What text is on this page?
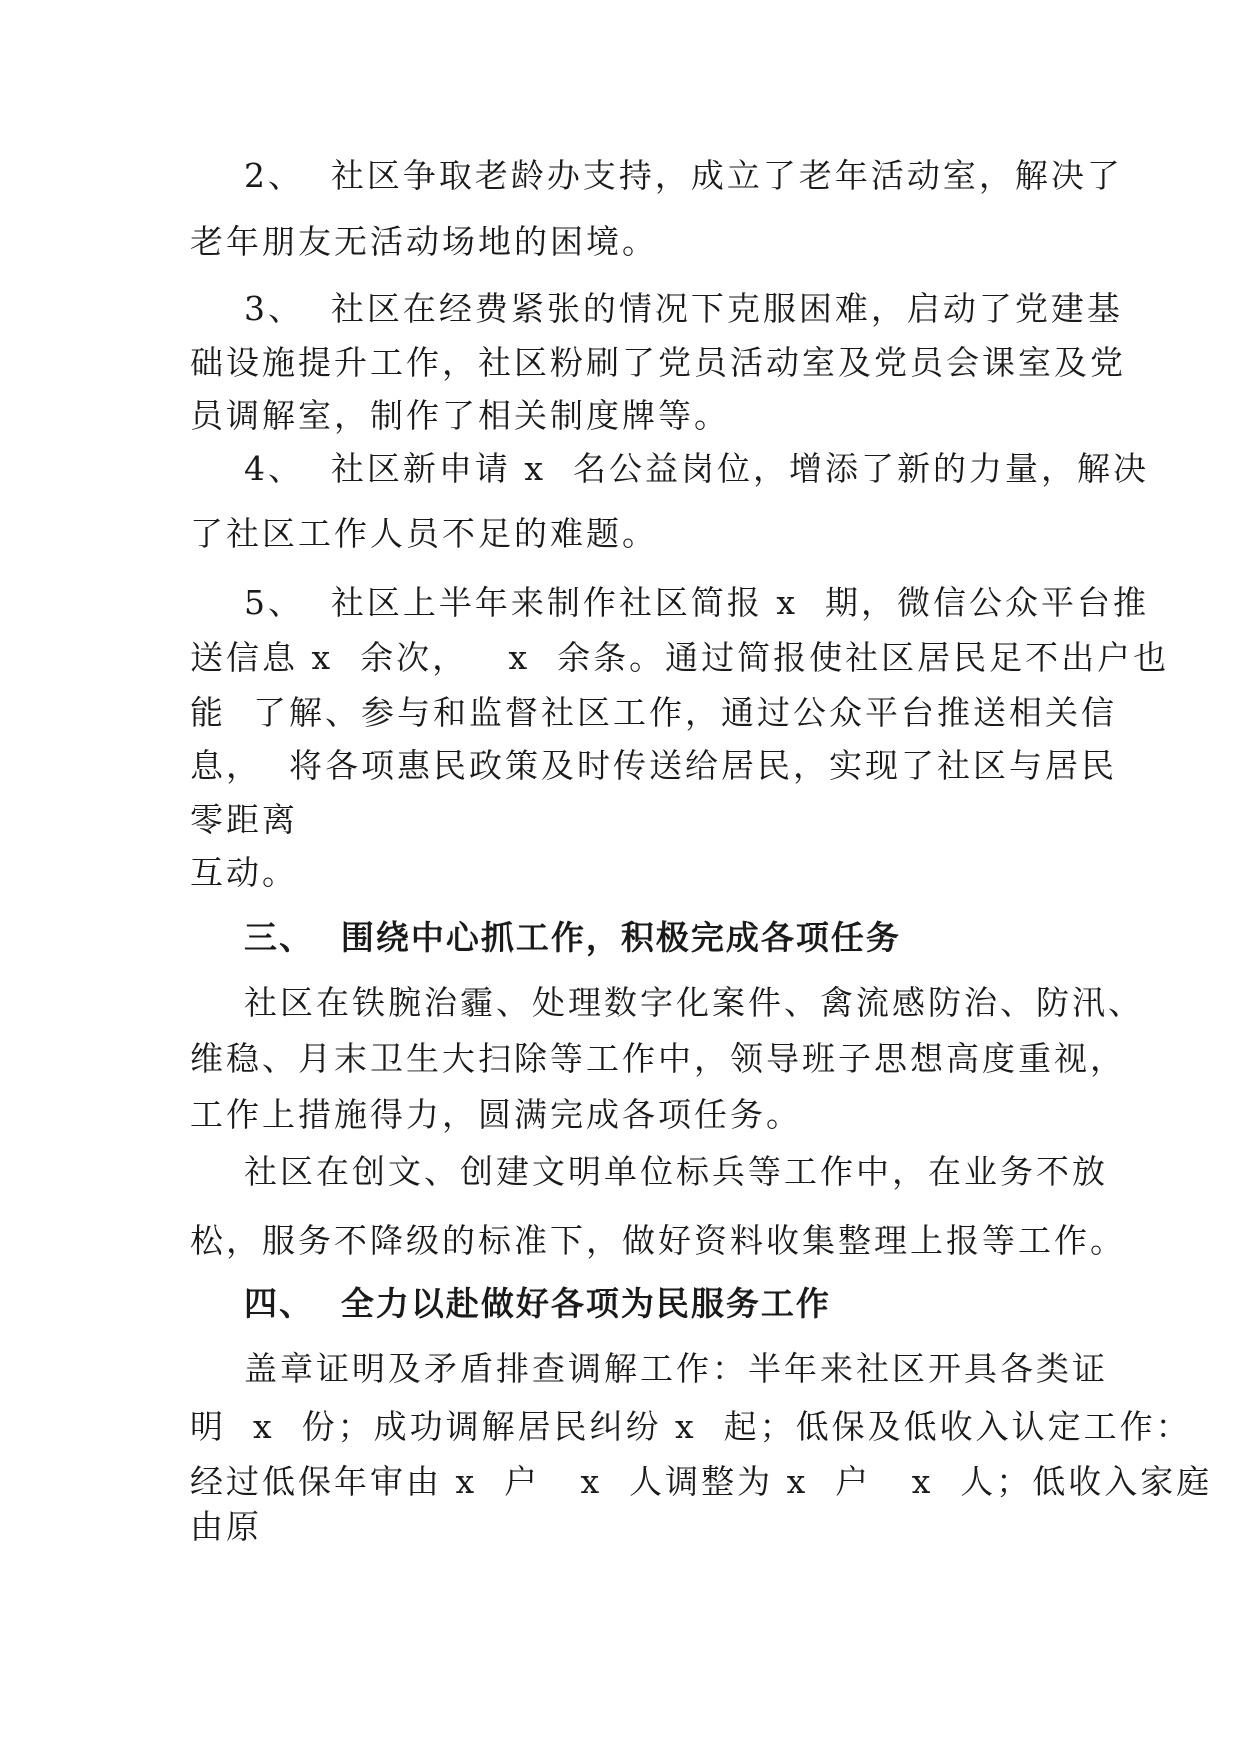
2、  社区争取老龄办支持，成立了老年活动室，解决了
老年朋友无活动场地的困境。
3、  社区在经费紧张的情况下克服困难，启动了党建基
础设施提升工作，社区粉刷了党员活动室及党员会课室及党
员调解室，制作了相关制度牌等。
4、  社区新申请 x  名公益岗位，增添了新的力量，解决
了社区工作人员不足的难题。
5、  社区上半年来制作社区简报 x  期，微信公众平台推
送信息 x  余次，   x  余条。通过简报使社区居民足不出户也
能  了解、参与和监督社区工作，通过公众平台推送相关信
息，  将各项惠民政策及时传送给居民，实现了社区与居民
零距离
互动。
三、  围绕中心抓工作，积极完成各项任务
社区在铁腕治霾、处理数字化案件、禽流感防治、防汛、
维稳、月末卫生大扫除等工作中，领导班子思想高度重视，
工作上措施得力，圆满完成各项任务。
社区在创文、创建文明单位标兵等工作中，在业务不放
松，服务不降级的标准下，做好资料收集整理上报等工作。
四、  全力以赴做好各项为民服务工作
盖章证明及矛盾排查调解工作：半年来社区开具各类证
明  x  份；成功调解居民纠纷 x  起；低保及低收入认定工作：
经过低保年审由 x  户   x  人调整为 x  户   x  人；低收入家庭
由原
